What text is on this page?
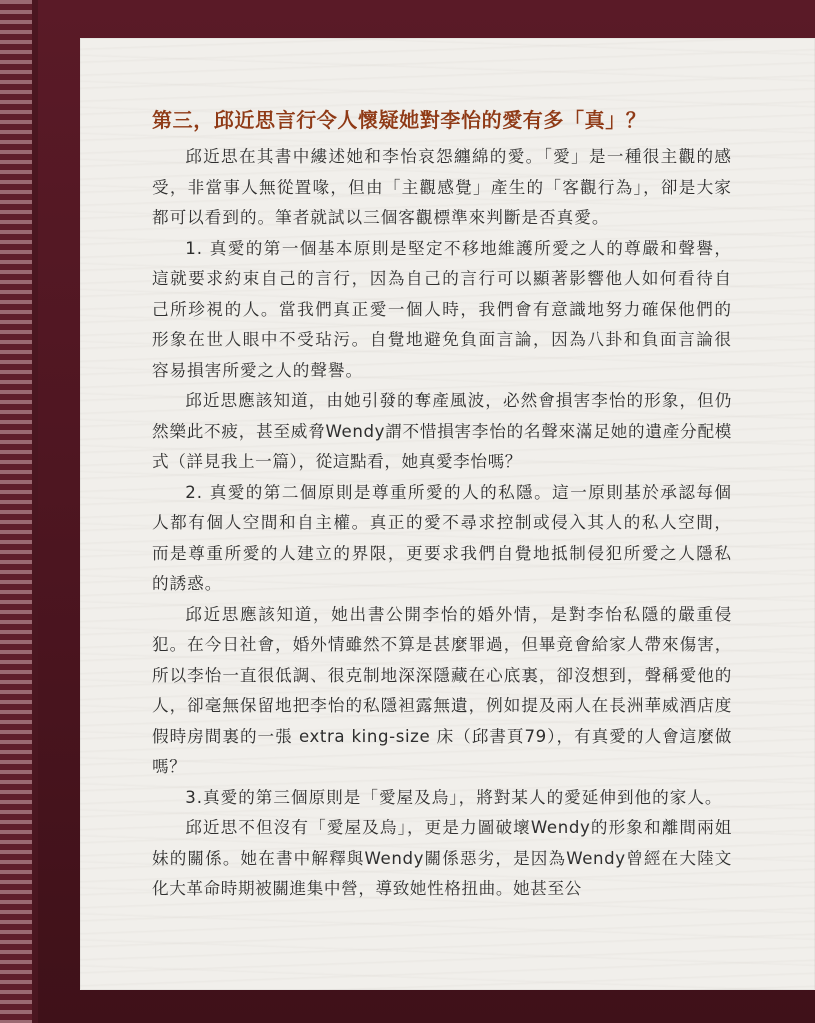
第三，邱近思言行令人懷疑她對李怡的愛有多「真」？

邱近思在其書中縷述她和李怡哀怨纏綿的愛。「愛」是一種很主觀的感受，非當事人無從置喙，但由「主觀感覺」產生的「客觀行為」，卻是大家都可以看到的。筆者就試以三個客觀標準來判斷是否真愛。

1. 真愛的第一個基本原則是堅定不移地維護所愛之人的尊嚴和聲譽，這就要求約束自己的言行，因為自己的言行可以顯著影響他人如何看待自己所珍視的人。當我們真正愛一個人時，我們會有意識地努力確保他們的形象在世人眼中不受玷污。自覺地避免負面言論，因為八卦和負面言論很容易損害所愛之人的聲譽。

邱近思應該知道，由她引發的奪產風波，必然會損害李怡的形象，但仍然樂此不疲，甚至威脅Wendy謂不惜損害李怡的名聲來滿足她的遺產分配模式（詳見我上一篇），從這點看，她真愛李怡嗎？

2. 真愛的第二個原則是尊重所愛的人的私隱。這一原則基於承認每個人都有個人空間和自主權。真正的愛不尋求控制或侵入其人的私人空間，而是尊重所愛的人建立的界限，更要求我們自覺地抵制侵犯所愛之人隱私的誘惑。

邱近思應該知道，她出書公開李怡的婚外情，是對李怡私隱的嚴重侵犯。在今日社會，婚外情雖然不算是甚麼罪過，但畢竟會給家人帶來傷害，所以李怡一直很低調、很克制地深深隱藏在心底裏，卻沒想到，聲稱愛他的人，卻毫無保留地把李怡的私隱袒露無遺，例如提及兩人在長洲華威酒店度假時房間裏的一張 extra king-size 床（邱書頁79），有真愛的人會這麼做嗎？

3.真愛的第三個原則是「愛屋及烏」，將對某人的愛延伸到他的家人。

邱近思不但沒有「愛屋及烏」，更是力圖破壞Wendy的形象和離間兩姐妹的關係。她在書中解釋與Wendy關係惡劣，是因為Wendy曾經在大陸文化大革命時期被關進集中營，導致她性格扭曲。她甚至公
